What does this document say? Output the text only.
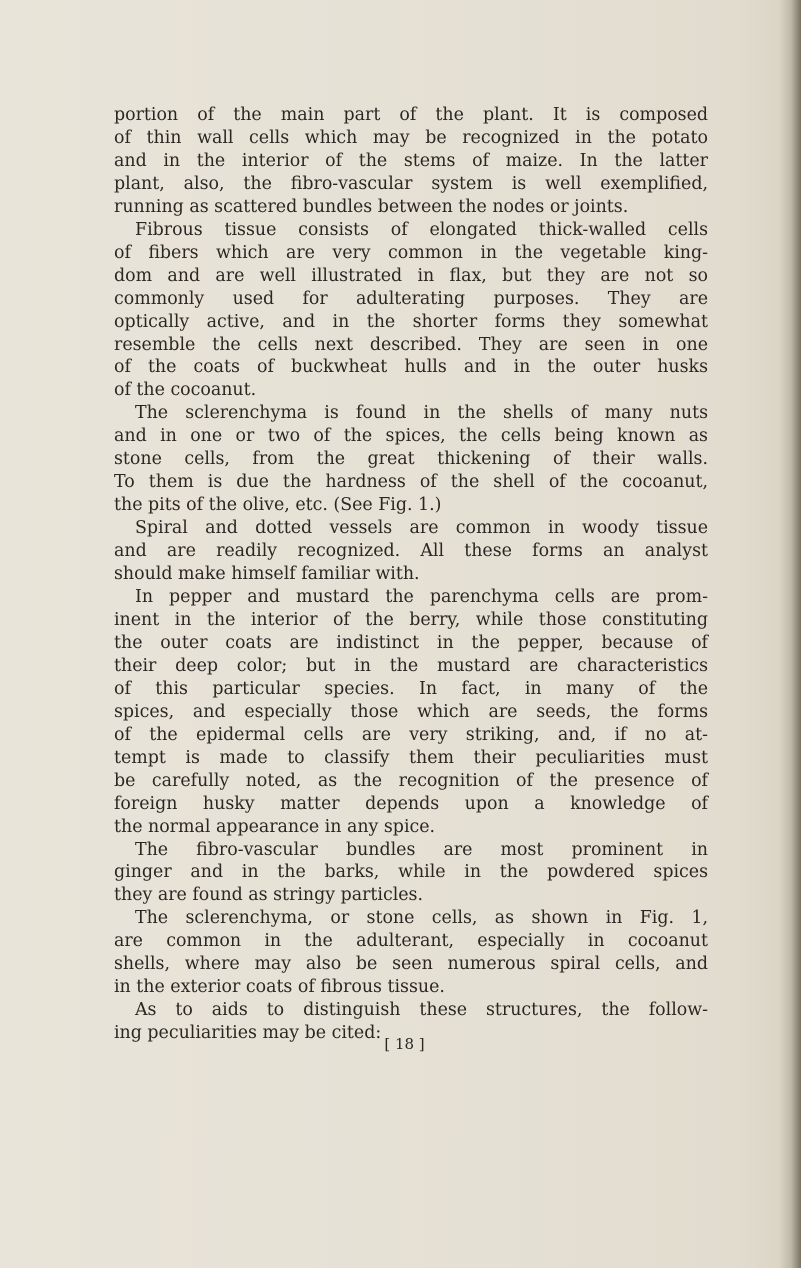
portion of the main part of the plant. It is composed
of thin wall cells which may be recognized in the potato
and in the interior of the stems of maize. In the latter
plant, also, the fibro-vascular system is well exemplified,
running as scattered bundles between the nodes or joints.
Fibrous tissue consists of elongated thick-walled cells
of fibers which are very common in the vegetable king-
dom and are well illustrated in flax, but they are not so
commonly used for adulterating purposes. They are
optically active, and in the shorter forms they somewhat
resemble the cells next described. They are seen in one
of the coats of buckwheat hulls and in the outer husks
of the cocoanut.
The sclerenchyma is found in the shells of many nuts
and in one or two of the spices, the cells being known as
stone cells, from the great thickening of their walls.
To them is due the hardness of the shell of the cocoanut,
the pits of the olive, etc. (See Fig. 1.)
Spiral and dotted vessels are common in woody tissue
and are readily recognized. All these forms an analyst
should make himself familiar with.
In pepper and mustard the parenchyma cells are prom-
inent in the interior of the berry, while those constituting
the outer coats are indistinct in the pepper, because of
their deep color; but in the mustard are characteristics
of this particular species. In fact, in many of the
spices, and especially those which are seeds, the forms
of the epidermal cells are very striking, and, if no at-
tempt is made to classify them their peculiarities must
be carefully noted, as the recognition of the presence of
foreign husky matter depends upon a knowledge of
the normal appearance in any spice.
The fibro-vascular bundles are most prominent in
ginger and in the barks, while in the powdered spices
they are found as stringy particles.
The sclerenchyma, or stone cells, as shown in Fig. 1,
are common in the adulterant, especially in cocoanut
shells, where may also be seen numerous spiral cells, and
in the exterior coats of fibrous tissue.
As to aids to distinguish these structures, the follow-
ing peculiarities may be cited:
[ 18 ]
